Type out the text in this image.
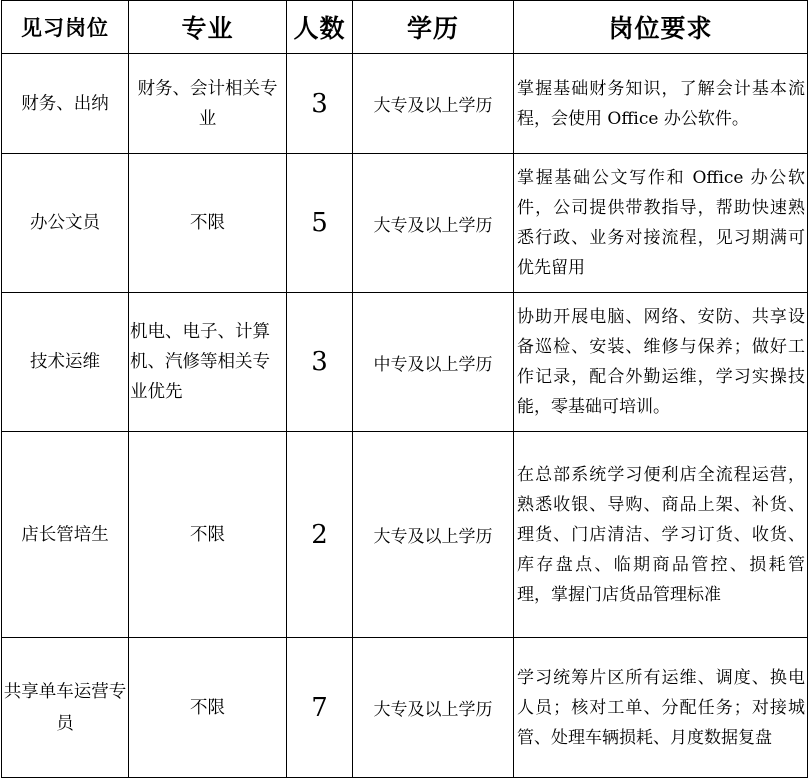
见习岗位	专业	人数	学历	岗位要求
财务、出纳	财务、会计相关专业	3	大专及以上学历	掌握基础财务知识，了解会计基本流程，会使用 Office 办公软件。
办公文员	不限	5	大专及以上学历	掌握基础公文写作和 Office 办公软件，公司提供带教指导，帮助快速熟悉行政、业务对接流程，见习期满可优先留用
技术运维	机电、电子、计算机、汽修等相关专业优先	3	中专及以上学历	协助开展电脑、网络、安防、共享设备巡检、安装、维修与保养；做好工作记录，配合外勤运维，学习实操技能，零基础可培训。
店长管培生	不限	2	大专及以上学历	在总部系统学习便利店全流程运营，熟悉收银、导购、商品上架、补货、理货、门店清洁、学习订货、收货、库存盘点、临期商品管控、损耗管理，掌握门店货品管理标准
共享单车运营专员	不限	7	大专及以上学历	学习统筹片区所有运维、调度、换电人员；核对工单、分配任务；对接城管、处理车辆损耗、月度数据复盘
